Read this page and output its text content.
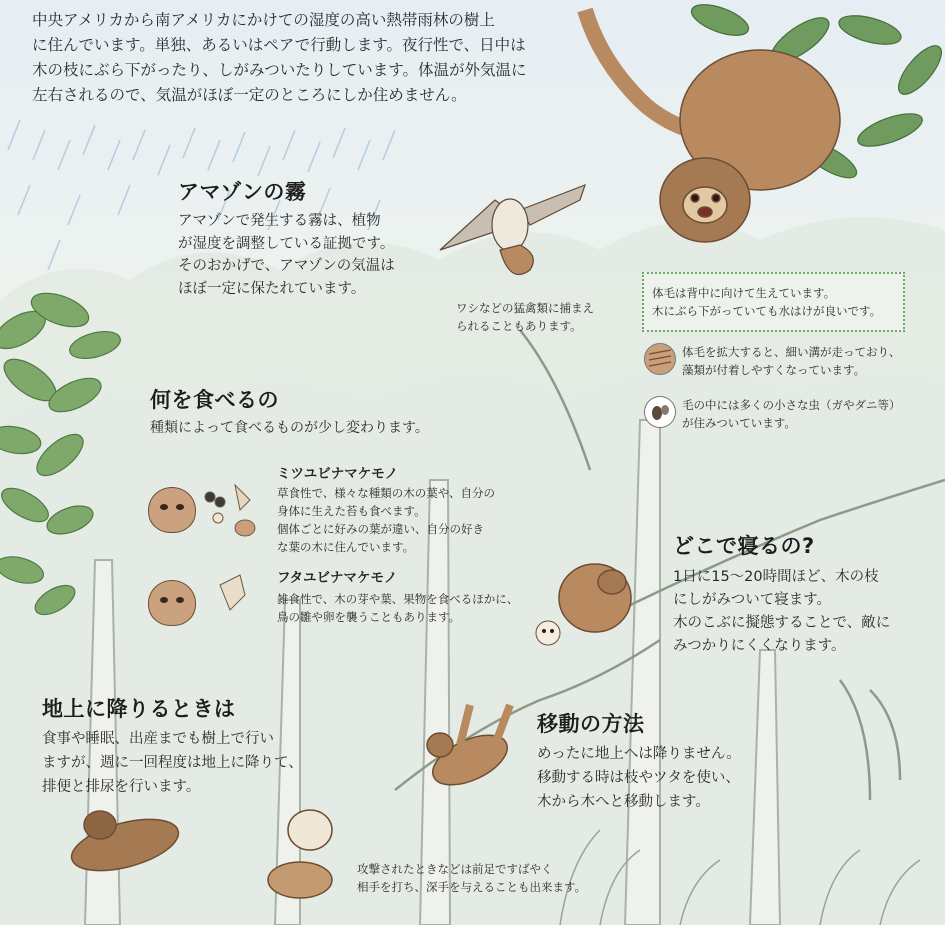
中央アメリカから南アメリカにかけての湿度の高い熱帯雨林の樹上
に住んでいます。単独、あるいはペアで行動します。夜行性で、日中は
木の枝にぶら下がったり、しがみついたりしています。体温が外気温に
左右されるので、気温がほぼ一定のところにしか住めません。

アマゾンの霧

アマゾンで発生する霧は、植物
が湿度を調整している証拠です。
そのおかげで、アマゾンの気温は
ほぼ一定に保たれています。

ワシなどの猛禽類に捕まえ
られることもあります。

体毛は背中に向けて生えています。
木にぶら下がっていても水はけが良いです。

体毛を拡大すると、細い溝が走っており、
藻類が付着しやすくなっています。

毛の中には多くの小さな虫（ガやダニ等）
が住みついています。

何を食べるの

種類によって食べるものが少し変わります。

ミツユビナマケモノ

草食性で、様々な種類の木の葉や、自分の
身体に生えた苔も食べます。
個体ごとに好みの葉が違い、自分の好き
な葉の木に住んでいます。

フタユビナマケモノ

雑食性で、木の芽や葉、果物を食べるほかに、
鳥の雛や卵を襲うこともあります。

どこで寝るの?

1日に15～20時間ほど、木の枝
にしがみついて寝ます。
木のこぶに擬態することで、敵に
みつかりにくくなります。

地上に降りるときは

食事や睡眠、出産までも樹上で行い
ますが、週に一回程度は地上に降りて、
排便と排尿を行います。

移動の方法

めったに地上へは降りません。
移動する時は枝やツタを使い、
木から木へと移動します。

攻撃されたときなどは前足ですばやく
相手を打ち、深手を与えることも出来ます。
